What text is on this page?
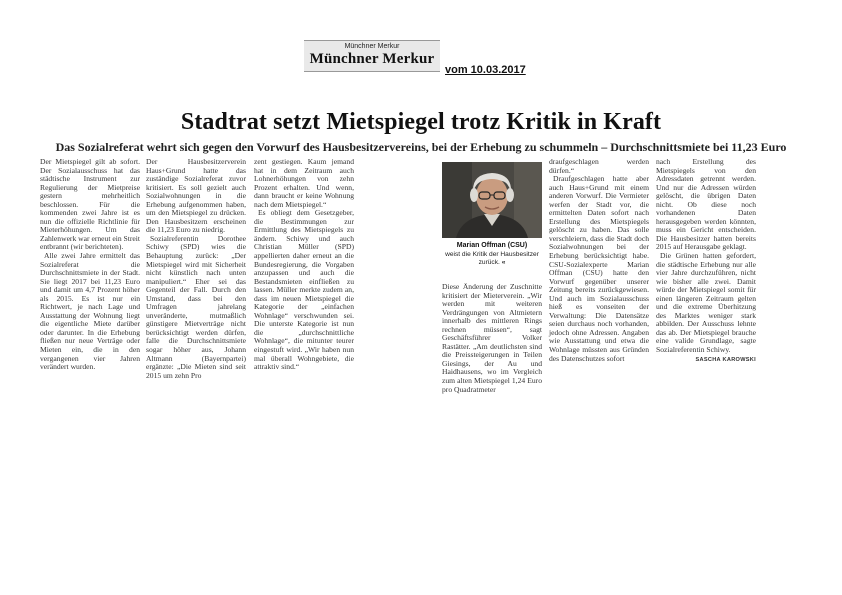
Münchner Merkur
Münchner Merkur
vom 10.03.2017
Stadtrat setzt Mietspiegel trotz Kritik in Kraft
Das Sozialreferat wehrt sich gegen den Vorwurf des Hausbesitzervereins, bei der Erhebung zu schummeln – Durchschnittsmiete bei 11,23 Euro

Der Mietspiegel gilt ab sofort. Der Sozialausschuss hat das städtische Instrument zur Regulierung der Mietpreise gestern mehrheitlich beschlossen. Für die kommenden zwei Jahre ist es nun die offizielle Richtlinie für Mieterhöhungen. Um das Zahlenwerk war erneut ein Streit entbrannt (wir berichteten).

Alle zwei Jahre ermittelt das Sozialreferat die Durchschnittsmiete in der Stadt. Sie liegt 2017 bei 11,23 Euro und damit um 4,7 Prozent höher als 2015. Es ist nur ein Richtwert, je nach Lage und Ausstattung der Wohnung liegt die eigentliche Miete darüber oder darunter. In die Erhebung fließen nur neue Verträge oder Mieten ein, die in den vergangenen vier Jahren verändert wurden.

Der Hausbesitzerverein Haus+Grund hatte das zuständige Sozialreferat zuvor kritisiert. Es soll gezielt auch Sozialwohnungen in die Erhebung aufgenommen haben, um den Mietspiegel zu drücken. Den Hausbesitzern erscheinen die 11,23 Euro zu niedrig.

Sozialreferentin Dorothee Schiwy (SPD) wies die Behauptung zurück: „Der Mietspiegel wird mit Sicherheit nicht künstlich nach unten manipuliert.“ Eher sei das Gegenteil der Fall. Durch den Umstand, dass bei den Umfragen jahrelang unveränderte, mutmaßlich günstigere Mietverträge nicht berücksichtigt werden dürfen, falle die Durchschnittsmiete sogar höher aus, Johann Altmann (Bayernpartei) ergänzte: „Die Mieten sind seit 2015 um zehn Pro

zent gestiegen. Kaum jemand hat in dem Zeitraum auch Lohnerhöhungen von zehn Prozent erhalten. Und wenn, dann braucht er keine Wohnung nach dem Mietspiegel.“

Es obliegt dem Gesetzgeber, die Bestimmungen zur Ermittlung des Mietspiegels zu ändern. Schiwy und auch Christian Müller (SPD) appellierten daher erneut an die Bundesregierung, die Vorgaben anzupassen und auch die Bestandsmieten einfließen zu lassen. Müller merkte zudem an, dass im neuen Mietspiegel die Kategorie der „einfachen Wohnlage“ verschwunden sei. Die unterste Kategorie ist nun die „durchschnittliche Wohnlage“, die mitunter teurer eingestuft wird. „Wir haben nun mal überall Wohngebiete, die attraktiv sind.“

Marian Offman (CSU)
weist die Kritik der Hausbesitzer zurück. «

Diese Änderung der Zuschnitte kritisiert der Mieterverein. „Wir werden mit weiteren Verdrängungen von Altmietern innerhalb des mittleren Rings rechnen müssen“, sagt Geschäftsführer Volker Rastätter. „Am deutlichsten sind die Preissteigerungen in Teilen Giesings, der Au und Haidhausens, wo im Vergleich zum alten Mietspiegel 1,24 Euro pro Quadratmeter

draufgeschlagen werden dürfen.“

Draufgeschlagen hatte aber auch Haus+Grund mit einem anderen Vorwurf. Die Vermieter werfen der Stadt vor, die ermittelten Daten sofort nach Erstellung des Mietspiegels gelöscht zu haben. Das solle verschleiern, dass die Stadt doch Sozialwohnungen bei der Erhebung berücksichtigt habe. CSU-Sozialexperte Marian Offman (CSU) hatte den Vorwurf gegenüber unserer Zeitung bereits zurückgewiesen. Und auch im Sozialausschuss hieß es vonseiten der Verwaltung: Die Datensätze seien durchaus noch vorhanden, jedoch ohne Adressen. Angaben wie Ausstattung und etwa die Wohnlage müssten aus Gründen des Datenschutzes sofort

nach Erstellung des Mietspiegels von den Adressdaten getrennt werden. Und nur die Adressen würden gelöscht, die übrigen Daten nicht. Ob diese noch vorhandenen Daten herausgegeben werden könnten, muss ein Gericht entscheiden. Die Hausbesitzer hatten bereits 2015 auf Herausgabe geklagt.

Die Grünen hatten gefordert, die städtische Erhebung nur alle vier Jahre durchzuführen, nicht wie bisher alle zwei. Damit würde der Mietspiegel somit für einen längeren Zeitraum gelten und die extreme Überhitzung des Marktes weniger stark abbilden. Der Ausschuss lehnte das ab. Der Mietspiegel brauche eine valide Grundlage, sagte Sozialreferentin Schiwy.

SASCHA KAROWSKI
